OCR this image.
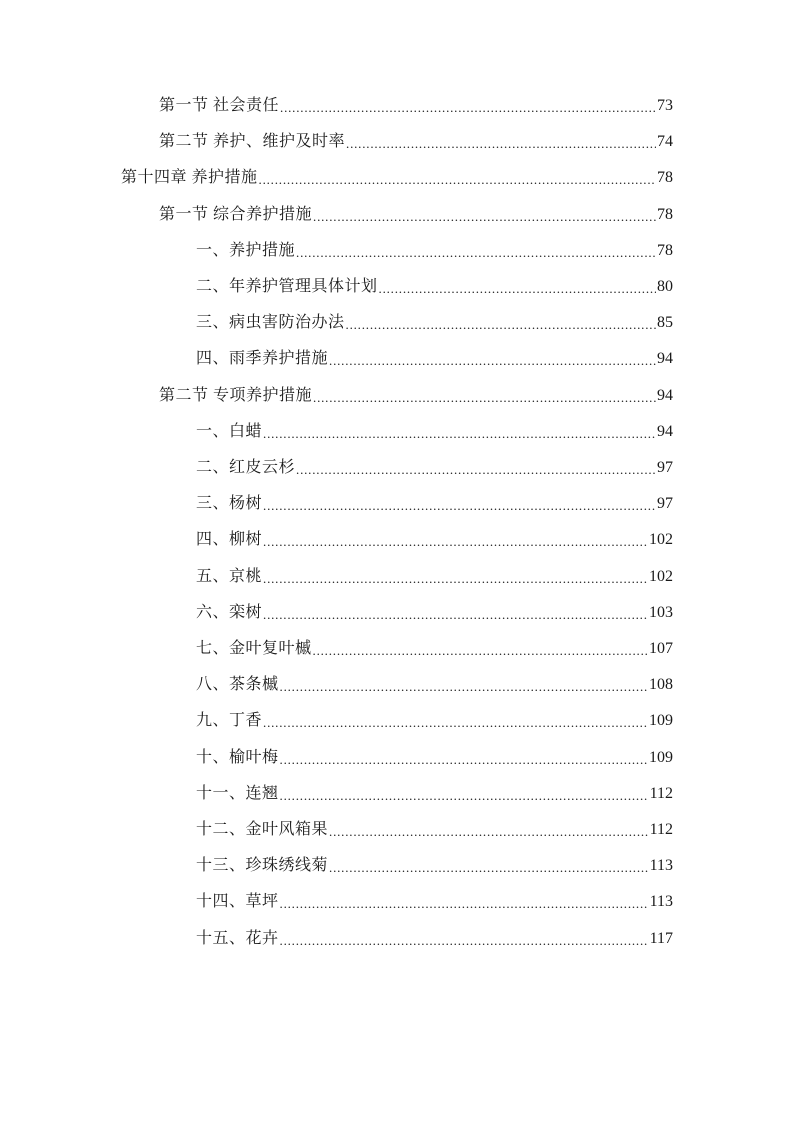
第一节 社会责任 .....	73
第二节 养护、维护及时率 .....	74
第十四章 养护措施 .....	78
第一节 综合养护措施 .....	78
一、养护措施 .....	78
二、年养护管理具体计划 .....	80
三、病虫害防治办法 .....	85
四、雨季养护措施 .....	94
第二节 专项养护措施 .....	94
一、白蜡 .....	94
二、红皮云杉 .....	97
三、杨树 .....	97
四、柳树 .....	102
五、京桃 .....	102
六、栾树 .....	103
七、金叶复叶槭 .....	107
八、茶条槭 .....	108
九、丁香 .....	109
十、榆叶梅 .....	109
十一、连翘 .....	112
十二、金叶风箱果 .....	112
十三、珍珠绣线菊 .....	113
十四、草坪 .....	113
十五、花卉 .....	117
